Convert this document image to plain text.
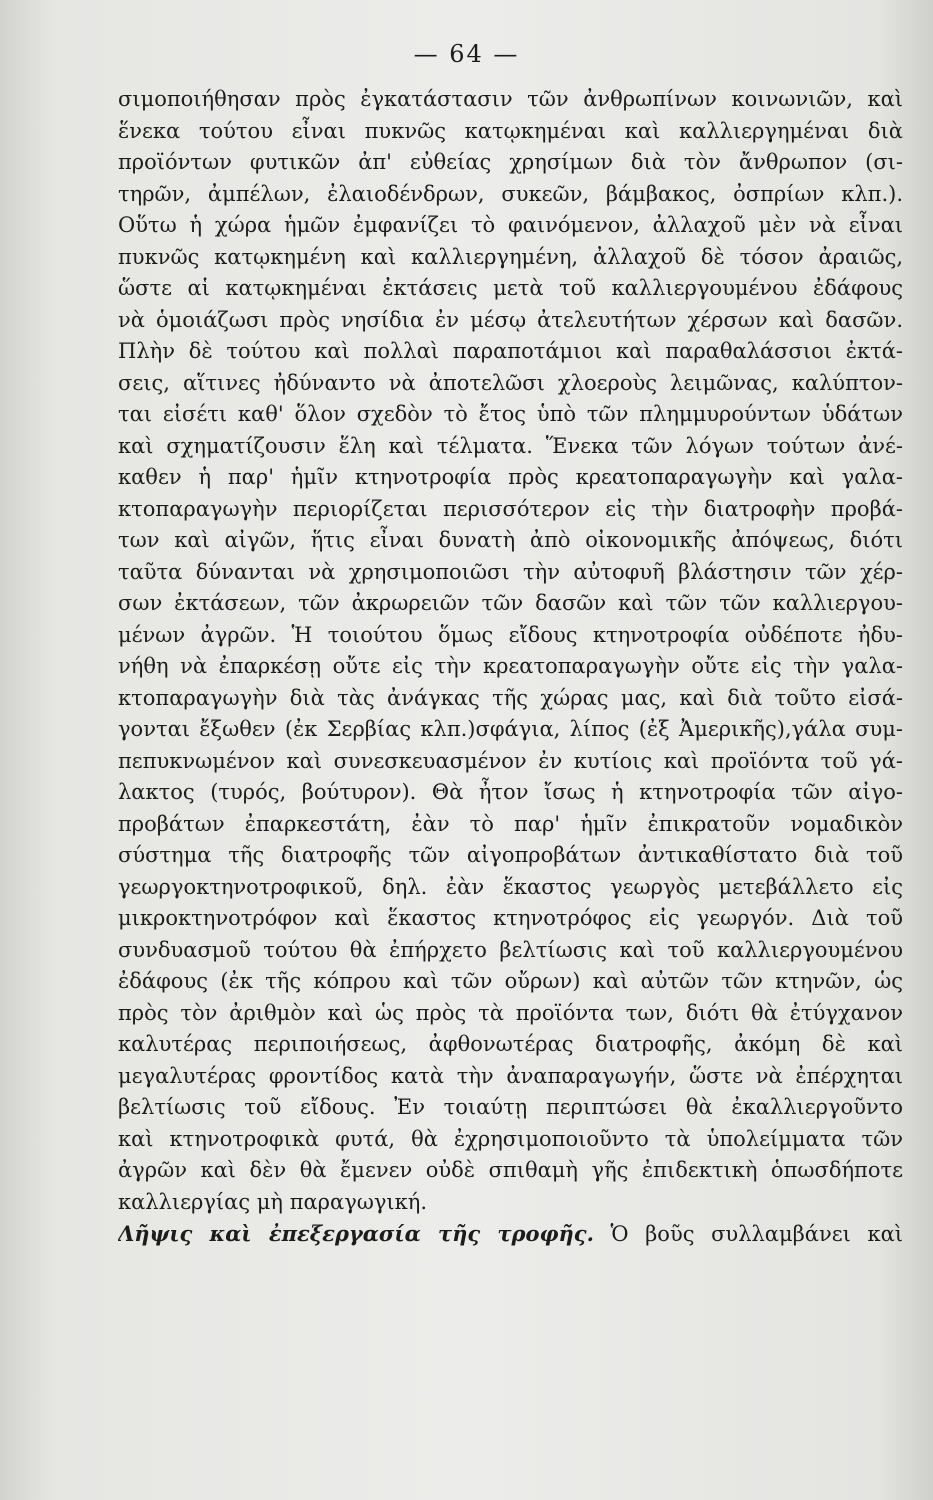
— 64 —
σιμοποιήθησαν πρὸς ἐγκατάστασιν τῶν ἀνθρωπίνων κοινωνιῶν, καὶ
ἕνεκα τούτου εἶναι πυκνῶς κατῳκημέναι καὶ καλλιεργημέναι διὰ
προϊόντων φυτικῶν ἀπ' εὐθείας χρησίμων διὰ τὸν ἄνθρωπον (σι-
τηρῶν, ἀμπέλων, ἐλαιοδένδρων, συκεῶν, βάμβακος, ὀσπρίων κλπ.).
Οὕτω ἡ χώρα ἡμῶν ἐμφανίζει τὸ φαινόμενον, ἀλλαχοῦ μὲν νὰ εἶναι
πυκνῶς κατῳκημένη καὶ καλλιεργημένη, ἀλλαχοῦ δὲ τόσον ἀραιῶς,
ὥστε αἱ κατῳκημέναι ἐκτάσεις μετὰ τοῦ καλλιεργουμένου ἐδάφους
νὰ ὁμοιάζωσι πρὸς νησίδια ἐν μέσῳ ἀτελευτήτων χέρσων καὶ δασῶν.
Πλὴν δὲ τούτου καὶ πολλαὶ παραποτάμιοι καὶ παραθαλάσσιοι ἐκτά-
σεις, αἵτινες ἠδύναντο νὰ ἀποτελῶσι χλοεροὺς λειμῶνας, καλύπτον-
ται εἰσέτι καθ' ὅλον σχεδὸν τὸ ἔτος ὑπὸ τῶν πλημμυρούντων ὑδάτων
καὶ σχηματίζουσιν ἕλη καὶ τέλματα. Ἕνεκα τῶν λόγων τούτων ἀνέ-
καθεν ἡ παρ' ἡμῖν κτηνοτροφία πρὸς κρεατοπαραγωγὴν καὶ γαλα-
κτοπαραγωγὴν περιορίζεται περισσότερον εἰς τὴν διατροφὴν προβά-
των καὶ αἰγῶν, ἥτις εἶναι δυνατὴ ἀπὸ οἰκονομικῆς ἀπόψεως, διότι
ταῦτα δύνανται νὰ χρησιμοποιῶσι τὴν αὐτοφυῆ βλάστησιν τῶν χέρ-
σων ἐκτάσεων, τῶν ἀκρωρειῶν τῶν δασῶν καὶ τῶν τῶν καλλιεργου-
μένων ἀγρῶν. Ἡ τοιούτου ὅμως εἴδους κτηνοτροφία οὐδέποτε ἠδυ-
νήθη νὰ ἐπαρκέσῃ οὔτε εἰς τὴν κρεατοπαραγωγὴν οὔτε εἰς τὴν γαλα-
κτοπαραγωγὴν διὰ τὰς ἀνάγκας τῆς χώρας μας, καὶ διὰ τοῦτο εἰσά-
γονται ἔξωθεν (ἐκ Σερβίας κλπ.)σφάγια, λίπος (ἐξ Ἀμερικῆς),γάλα συμ-
πεπυκνωμένον καὶ συνεσκευασμένον ἐν κυτίοις καὶ προϊόντα τοῦ γά-
λακτος (τυρός, βούτυρον). Θὰ ἦτον ἴσως ἡ κτηνοτροφία τῶν αἰγο-
προβάτων ἐπαρκεστάτη, ἐὰν τὸ παρ' ἡμῖν ἐπικρατοῦν νομαδικὸν
σύστημα τῆς διατροφῆς τῶν αἰγοπροβάτων ἀντικαθίστατο διὰ τοῦ
γεωργοκτηνοτροφικοῦ, δηλ. ἐὰν ἕκαστος γεωργὸς μετεβάλλετο εἰς
μικροκτηνοτρόφον καὶ ἕκαστος κτηνοτρόφος εἰς γεωργόν. Διὰ τοῦ
συνδυασμοῦ τούτου θὰ ἐπήρχετο βελτίωσις καὶ τοῦ καλλιεργουμένου
ἐδάφους (ἐκ τῆς κόπρου καὶ τῶν οὔρων) καὶ αὐτῶν τῶν κτηνῶν, ὡς
πρὸς τὸν ἀριθμὸν καὶ ὡς πρὸς τὰ προϊόντα των, διότι θὰ ἐτύγχανον
καλυτέρας περιποιήσεως, ἀφθονωτέρας διατροφῆς, ἀκόμη δὲ καὶ
μεγαλυτέρας φροντίδος κατὰ τὴν ἀναπαραγωγήν, ὥστε νὰ ἐπέρχηται
βελτίωσις τοῦ εἴδους. Ἐν τοιαύτῃ περιπτώσει θὰ ἐκαλλιεργοῦντο
καὶ κτηνοτροφικὰ φυτά, θὰ ἐχρησιμοποιοῦντο τὰ ὑπολείμματα τῶν
ἀγρῶν καὶ δὲν θὰ ἔμενεν οὐδὲ σπιθαμὴ γῆς ἐπιδεκτικὴ ὁπωσδήποτε
καλλιεργίας μὴ παραγωγική.
Λῆψις καὶ ἐπεξεργασία τῆς τροφῆς. Ὁ βοῦς συλλαμβάνει καὶ
